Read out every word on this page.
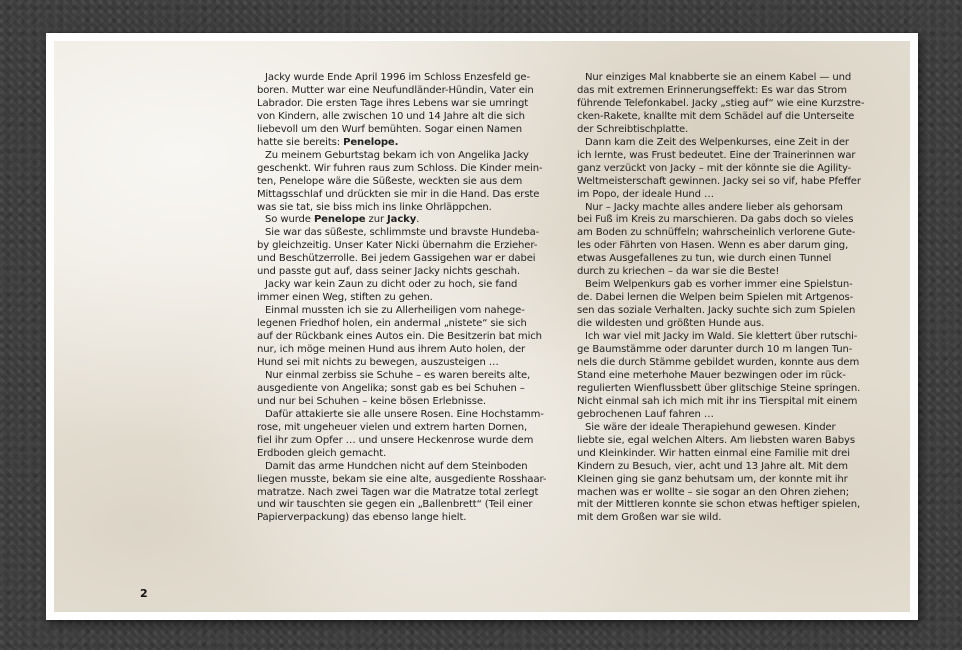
Jacky wurde Ende April 1996 im Schloss Enzesfeld ge-

boren. Mutter war eine Neufundländer-Hündin, Vater ein

Labrador. Die ersten Tage ihres Lebens war sie umringt

von Kindern, alle zwischen 10 und 14 Jahre alt die sich

liebevoll um den Wurf bemühten. Sogar einen Namen

hatte sie bereits: Penelope.

Zu meinem Geburtstag bekam ich von Angelika Jacky

geschenkt. Wir fuhren raus zum Schloss. Die Kinder mein-

ten, Penelope wäre die Süßeste, weckten sie aus dem

Mittagsschlaf und drückten sie mir in die Hand. Das erste

was sie tat, sie biss mich ins linke Ohrläppchen.

So wurde Penelope zur Jacky.

Sie war das süßeste, schlimmste und bravste Hundeba-

by gleichzeitig. Unser Kater Nicki übernahm die Erzieher-

und Beschützerrolle. Bei jedem Gassigehen war er dabei

und passte gut auf, dass seiner Jacky nichts geschah.

Jacky war kein Zaun zu dicht oder zu hoch, sie fand

immer einen Weg, stiften zu gehen.

Einmal mussten ich sie zu Allerheiligen vom nahege-

legenen Friedhof holen, ein andermal „nistete“ sie sich

auf der Rückbank eines Autos ein. Die Besitzerin bat mich

nur, ich möge meinen Hund aus ihrem Auto holen, der

Hund sei mit nichts zu bewegen, auszusteigen …

Nur einmal zerbiss sie Schuhe – es waren bereits alte,

ausgediente von Angelika; sonst gab es bei Schuhen –

und nur bei Schuhen – keine bösen Erlebnisse.

Dafür attakierte sie alle unsere Rosen. Eine Hochstamm-

rose, mit ungeheuer vielen und extrem harten Dornen,

fiel ihr zum Opfer … und unsere Heckenrose wurde dem

Erdboden gleich gemacht.

Damit das arme Hundchen nicht auf dem Steinboden

liegen musste, bekam sie eine alte, ausgediente Rosshaar-

matratze. Nach zwei Tagen war die Matratze total zerlegt

und wir tauschten sie gegen ein „Ballenbrett“ (Teil einer

Papierverpackung) das ebenso lange hielt.

Nur einziges Mal knabberte sie an einem Kabel — und

das mit extremen Erinnerungseffekt: Es war das Strom

führende Telefonkabel. Jacky „stieg auf“ wie eine Kurzstre-

cken-Rakete, knallte mit dem Schädel auf die Unterseite

der Schreibtischplatte.

Dann kam die Zeit des Welpenkurses, eine Zeit in der

ich lernte, was Frust bedeutet. Eine der Trainerinnen war

ganz verzückt von Jacky – mit der könnte sie die Agility-

Weltmeisterschaft gewinnen. Jacky sei so vif, habe Pfeffer

im Popo, der ideale Hund …

Nur – Jacky machte alles andere lieber als gehorsam

bei Fuß im Kreis zu marschieren. Da gabs doch so vieles

am Boden zu schnüffeln; wahrscheinlich verlorene Gute-

les oder Fährten von Hasen. Wenn es aber darum ging,

etwas Ausgefallenes zu tun, wie durch einen Tunnel

durch zu kriechen – da war sie die Beste!

Beim Welpenkurs gab es vorher immer eine Spielstun-

de. Dabei lernen die Welpen beim Spielen mit Artgenos-

sen das soziale Verhalten. Jacky suchte sich zum Spielen

die wildesten und größten Hunde aus.

Ich war viel mit Jacky im Wald. Sie klettert über rutschi-

ge Baumstämme oder darunter durch 10 m langen Tun-

nels die durch Stämme gebildet wurden, konnte aus dem

Stand eine meterhohe Mauer bezwingen oder im rück-

regulierten Wienflussbett über glitschige Steine springen.

Nicht einmal sah ich mich mit ihr ins Tierspital mit einem

gebrochenen Lauf fahren …

Sie wäre der ideale Therapiehund gewesen. Kinder

liebte sie, egal welchen Alters. Am liebsten waren Babys

und Kleinkinder. Wir hatten einmal eine Familie mit drei

Kindern zu Besuch, vier, acht und 13 Jahre alt. Mit dem

Kleinen ging sie ganz behutsam um, der konnte mit ihr

machen was er wollte – sie sogar an den Ohren ziehen;

mit der Mittleren konnte sie schon etwas heftiger spielen,

mit dem Großen war sie wild.

2
